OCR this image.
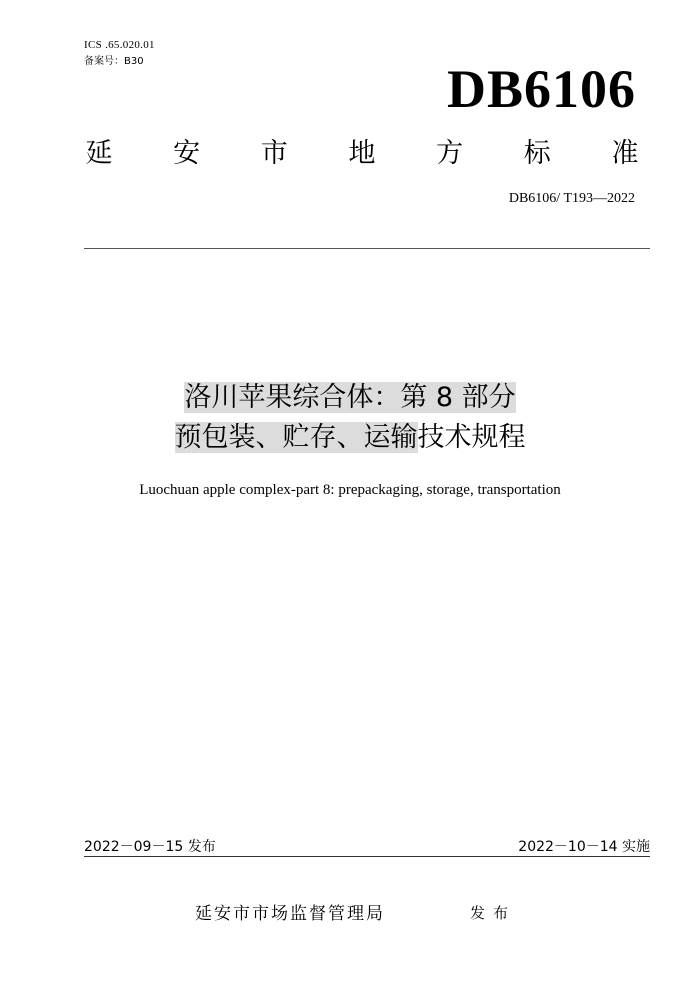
ICS .65.020.01
备案号：B30	DB6106
延 安 市 地 方 标 准
DB6106/ T193—2022
洛川苹果综合体：第 8 部分
预包装、贮存、运输技术规程
Luochuan apple complex-part 8: prepackaging, storage, transportation
2022－09－15 发布	2022－10－14 实施
延安市市场监督管理局	发布
